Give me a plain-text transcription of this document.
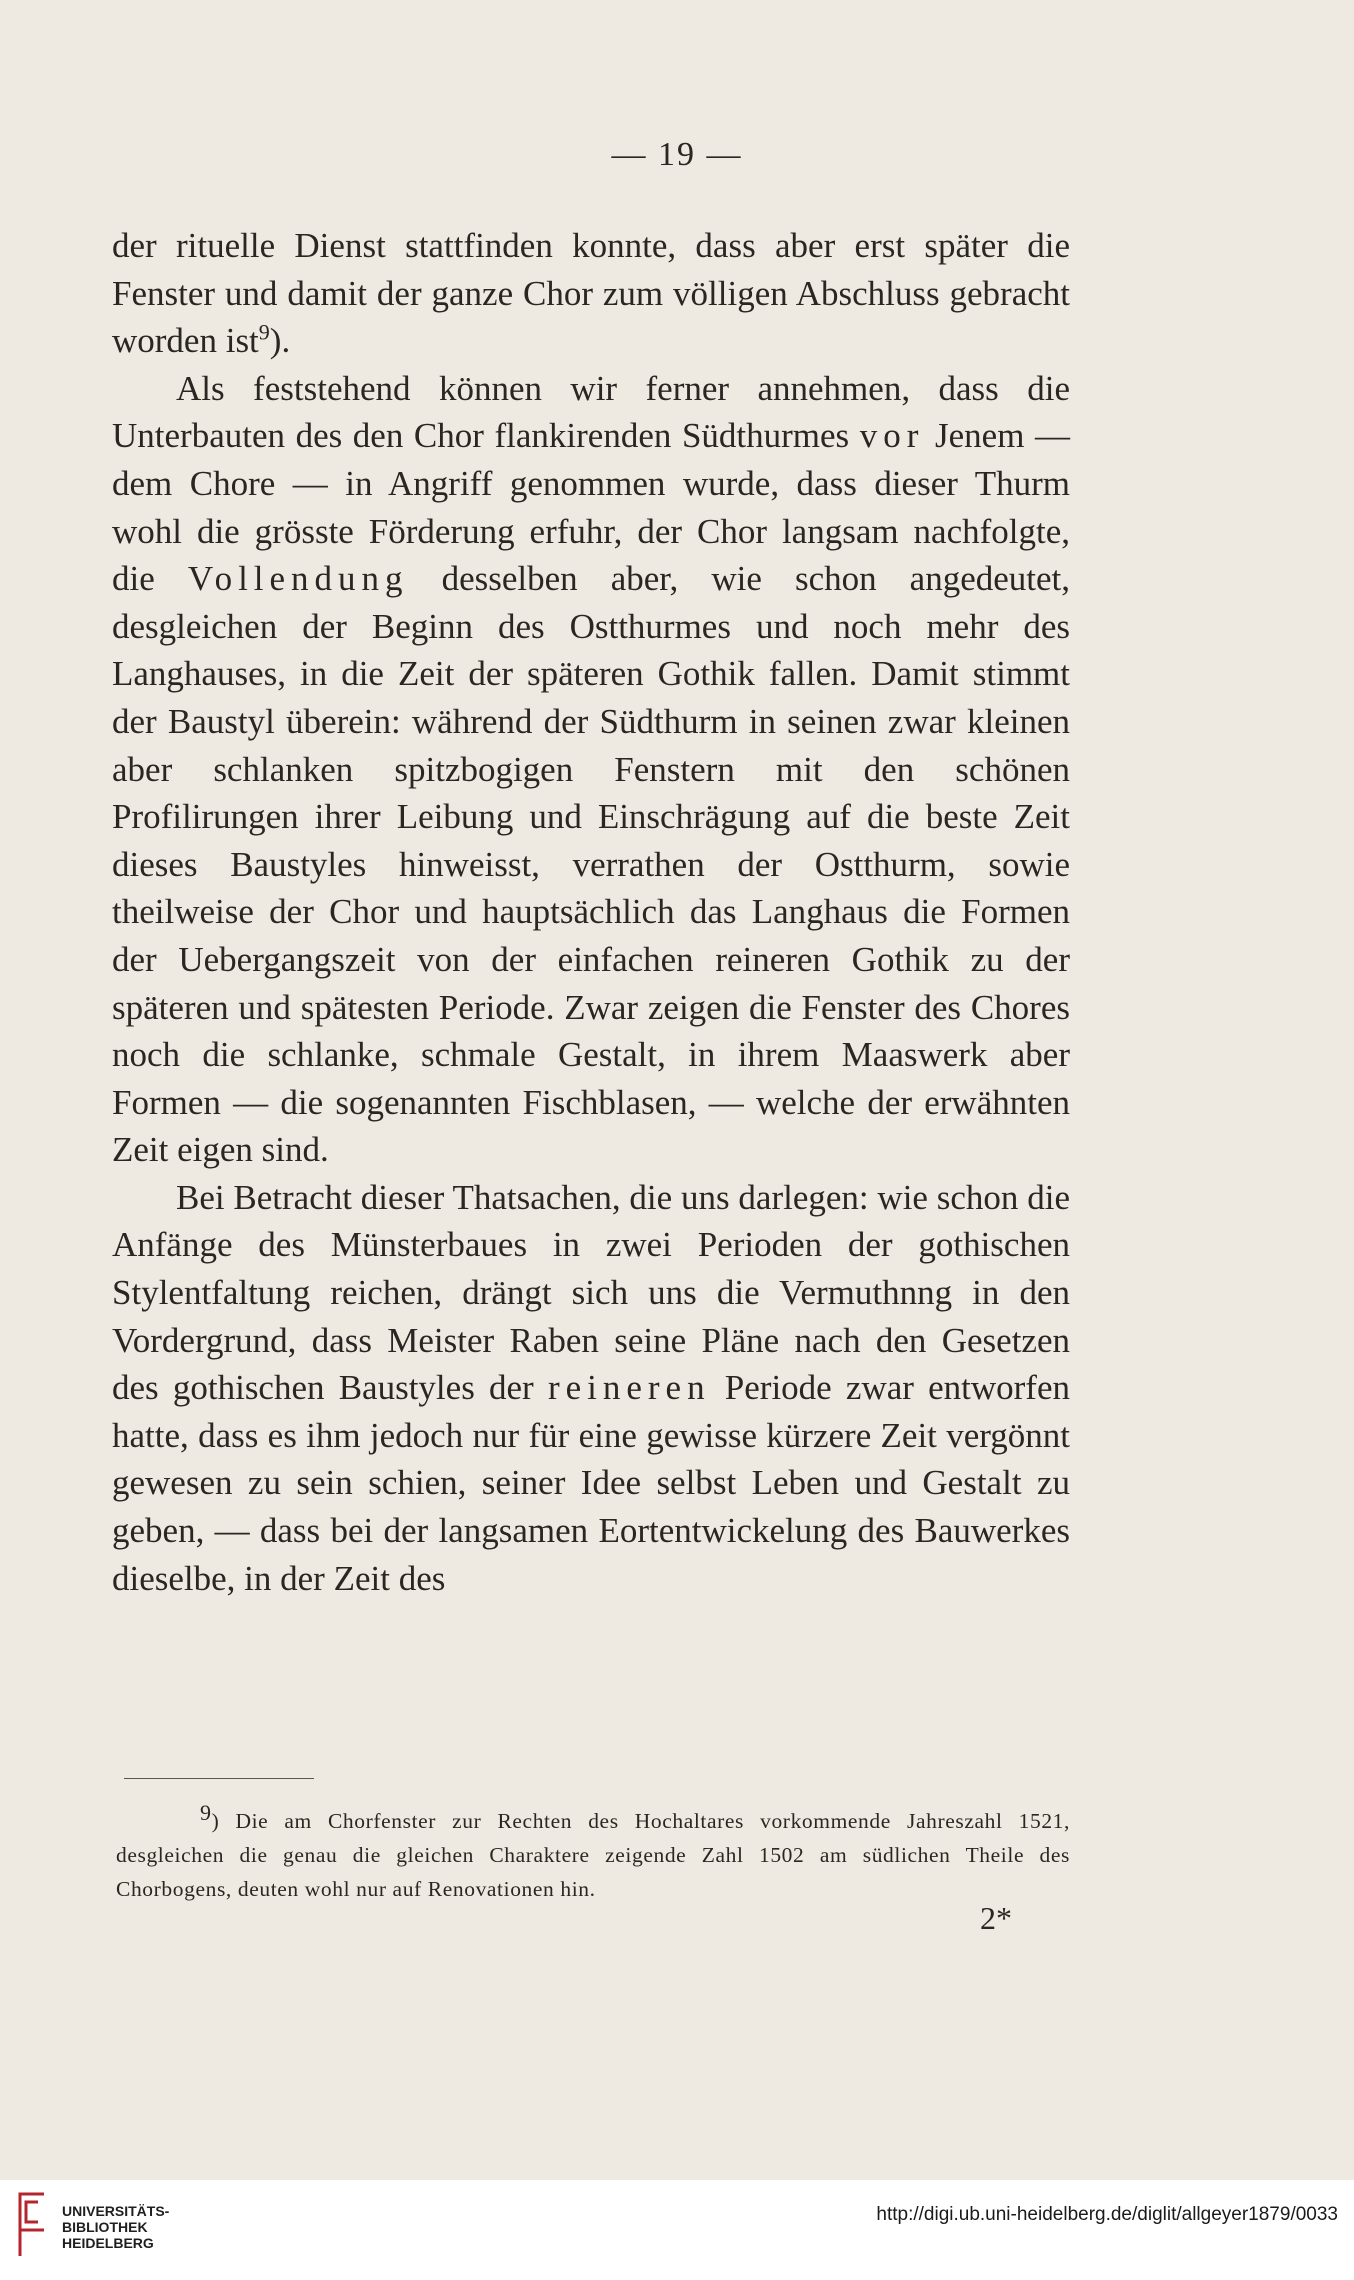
— 19 —

der rituelle Dienst stattfinden konnte, dass aber erst später die Fenster und damit der ganze Chor zum völligen Abschluss gebracht worden ist$^9$).

Als feststehend können wir ferner annehmen, dass die Unterbauten des den Chor flankirenden Südthurmes vor Jenem — dem Chore — in Angriff genommen wurde, dass dieser Thurm wohl die grösste Förderung erfuhr, der Chor langsam nachfolgte, die Vollendung desselben aber, wie schon angedeutet, desgleichen der Beginn des Ostthurmes und noch mehr des Langhauses, in die Zeit der späteren Gothik fallen. Damit stimmt der Baustyl überein: während der Südthurm in seinen zwar kleinen aber schlanken spitzbogigen Fenstern mit den schönen Profilirungen ihrer Leibung und Einschrägung auf die beste Zeit dieses Baustyles hinweisst, verrathen der Ostthurm, sowie theilweise der Chor und hauptsächlich das Langhaus die Formen der Uebergangszeit von der einfachen reineren Gothik zu der späteren und spätesten Periode. Zwar zeigen die Fenster des Chores noch die schlanke, schmale Gestalt, in ihrem Maaswerk aber Formen — die sogenannten Fischblasen, — welche der erwähnten Zeit eigen sind.

Bei Betracht dieser Thatsachen, die uns darlegen: wie schon die Anfänge des Münsterbaues in zwei Perioden der gothischen Stylentfaltung reichen, drängt sich uns die Vermuthnng in den Vordergrund, dass Meister Raben seine Pläne nach den Gesetzen des gothischen Baustyles der reineren Periode zwar entworfen hatte, dass es ihm jedoch nur für eine gewisse kürzere Zeit vergönnt gewesen zu sein schien, seiner Idee selbst Leben und Gestalt zu geben, — dass bei der langsamen Eortentwickelung des Bauwerkes dieselbe, in der Zeit des

$^9$) Die am Chorfenster zur Rechten des Hochaltares vorkommende Jahreszahl 1521, desgleichen die genau die gleichen Charaktere zeigende Zahl 1502 am südlichen Theile des Chorbogens, deuten wohl nur auf Renovationen hin.

2*
UNIVERSITÄTS-
BIBLIOTHEK
HEIDELBERG
http://digi.ub.uni-heidelberg.de/diglit/allgeyer1879/0033
